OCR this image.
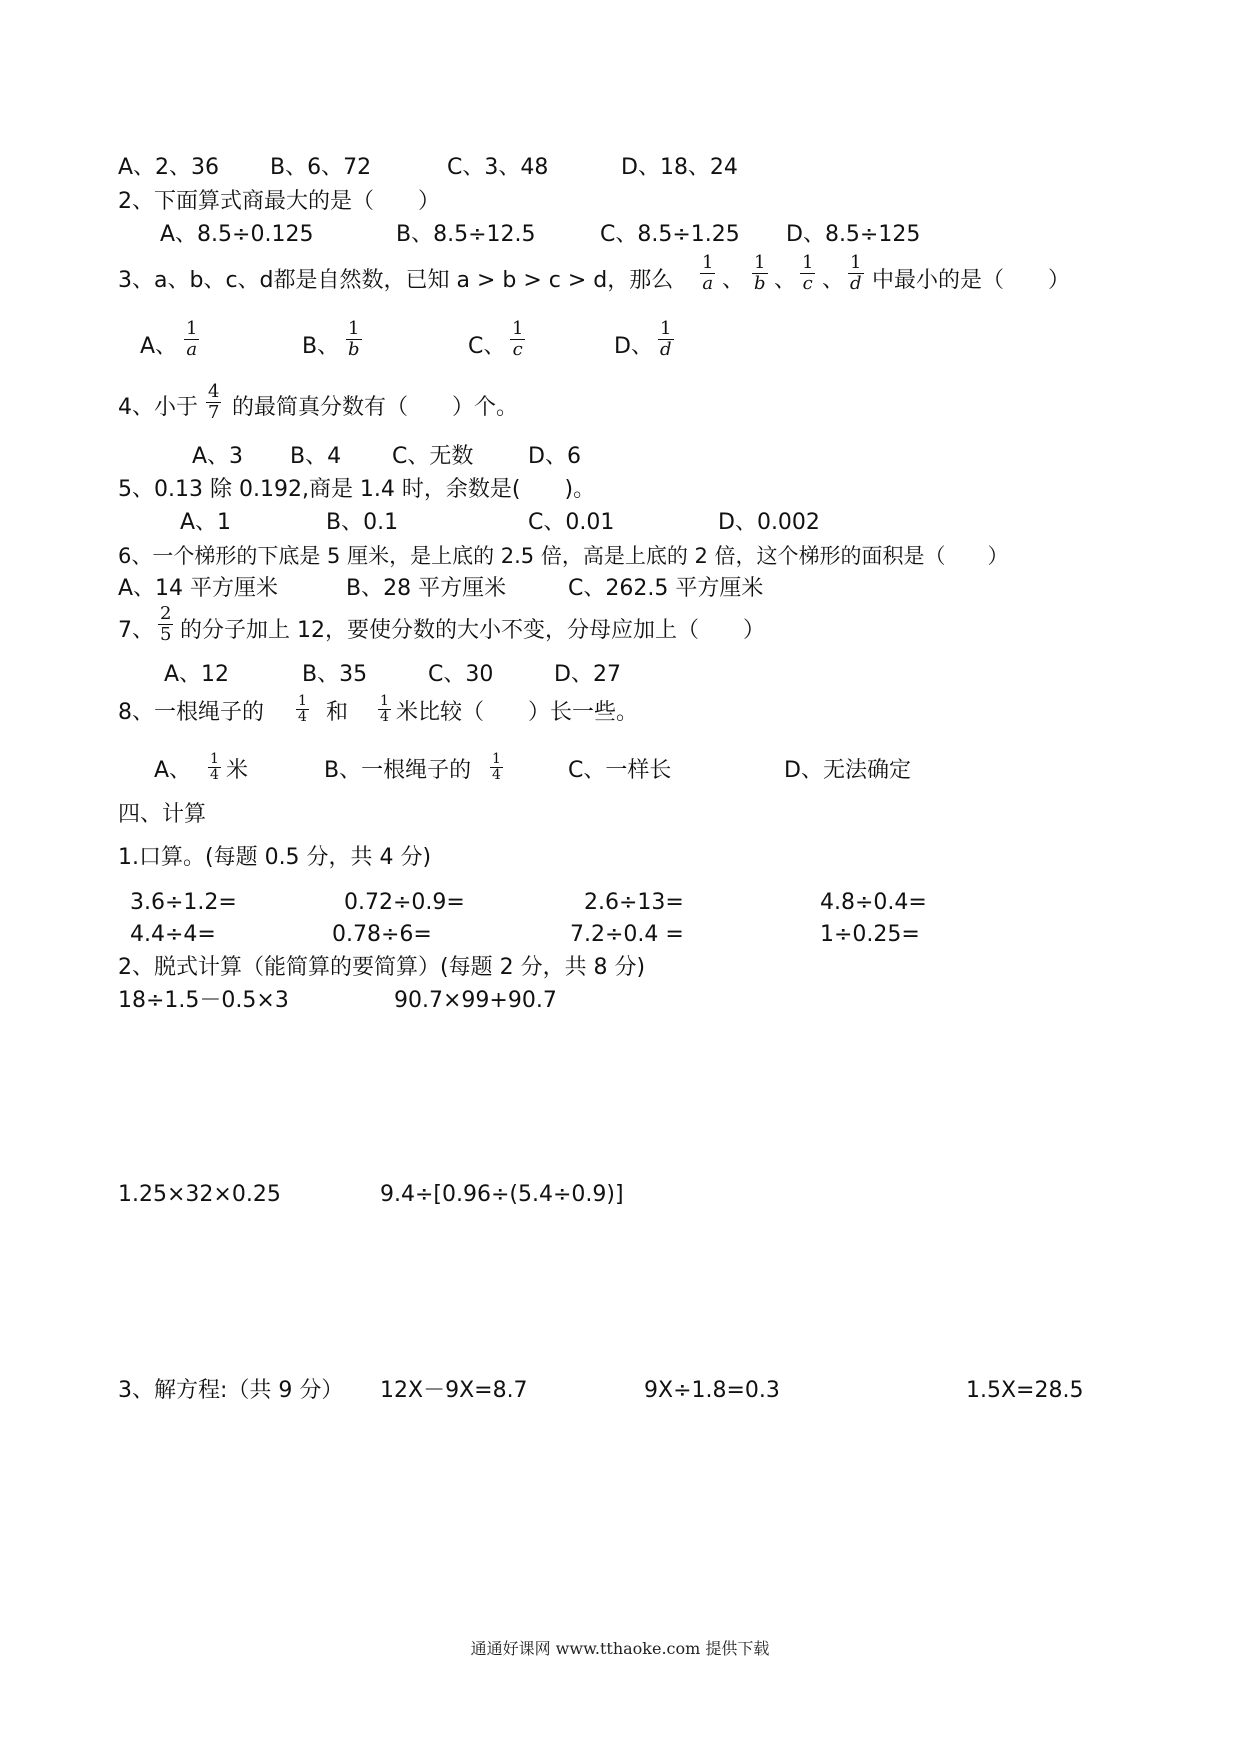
A、2、36 B、6、72	C、3、48	D、18、24
2、下面算式商最大的是（　　）
A、8.5÷0.125	B、8.5÷12.5	C、8.5÷1.25 D、8.5÷125
3、a、b、c、d都是自然数，已知 a > b > c > d，那么 $\frac{1}{a}$ 、 $\frac{1}{b}$ 、 $\frac{1}{c}$ 、 $\frac{1}{d}$ 中最小的是（　　）
A、 $\frac{1}{a}$	B、 $\frac{1}{b}$	C、 $\frac{1}{c}$	D、 $\frac{1}{d}$
4、小于 $\frac{4}{7}$ 的最简真分数有（　　）个。
A、3 B、4 C、无数 D、6
5、0.13 除 0.192,商是 1.4 时，余数是(　　)。
A、1	B、0.1	C、0.01	D、0.002
6、一个梯形的下底是 5 厘米，是上底的 2.5 倍，高是上底的 2 倍，这个梯形的面积是（　　）
A、14 平方厘米	B、28 平方厘米	C、262.5 平方厘米
7、 $\frac{2}{5}$ 的分子加上 12，要使分数的大小不变，分母应加上（　　）
A、12	B、35	C、30	D、27
8、一根绳子的 $\frac{1}{4}$ 和 $\frac{1}{4}$ 米比较（　　）长一些。
A、 $\frac{1}{4}$ 米	B、一根绳子的 $\frac{1}{4}$	C、一样长	D、无法确定
四、计算
1.口算。(每题 0.5 分，共 4 分)
3.6÷1.2=	0.72÷0.9=	2.6÷13=	4.8÷0.4=
4.4÷4=	0.78÷6=	7.2÷0.4 =	1÷0.25=
2、脱式计算（能简算的要简算）(每题 2 分，共 8 分)
18÷1.5－0.5×3	90.7×99+90.7
1.25×32×0.25	9.4÷[0.96÷(5.4÷0.9)]
3、解方程:（共 9 分） 12X－9X=8.7	9X÷1.8=0.3	1.5X=28.5
通通好课网 www.tthaoke.com 提供下载
